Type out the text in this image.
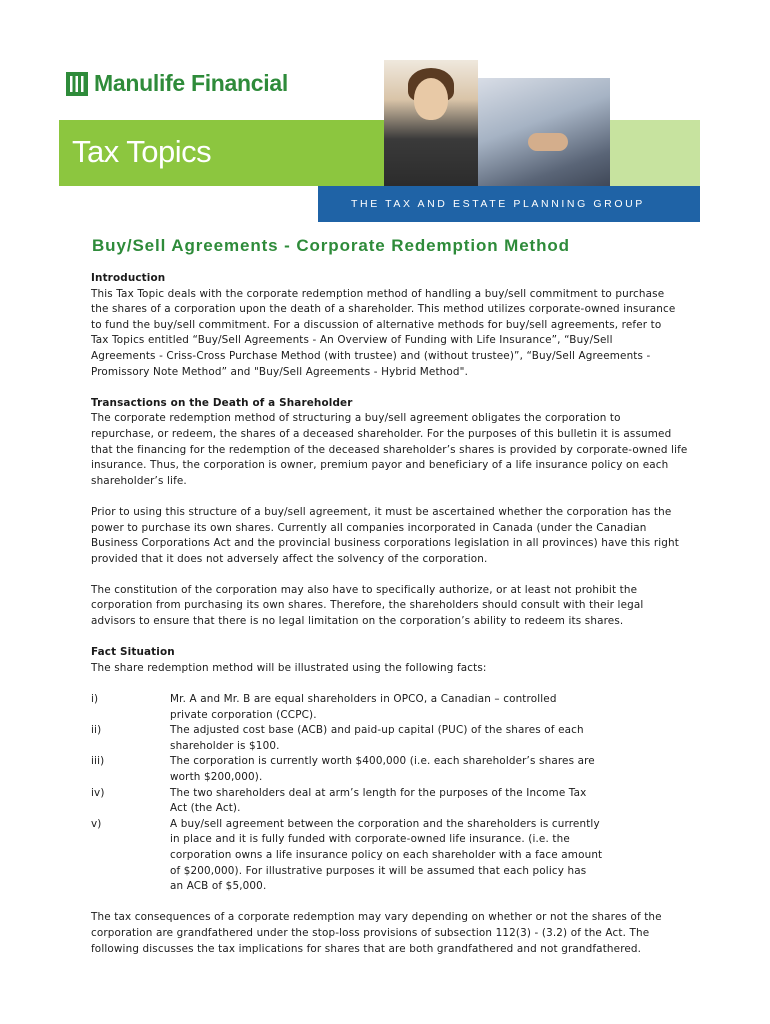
Manulife Financial
Tax Topics
THE TAX AND ESTATE PLANNING GROUP
Buy/Sell Agreements - Corporate Redemption Method
Introduction

This Tax Topic deals with the corporate redemption method of handling a buy/sell commitment to purchase
the shares of a corporation upon the death of a shareholder. This method utilizes corporate-owned insurance
to fund the buy/sell commitment. For a discussion of alternative methods for buy/sell agreements, refer to
Tax Topics entitled “Buy/Sell Agreements - An Overview of Funding with Life Insurance”, “Buy/Sell
Agreements - Criss-Cross Purchase Method (with trustee) and (without trustee)”, “Buy/Sell Agreements -
Promissory Note Method” and "Buy/Sell Agreements - Hybrid Method".

Transactions on the Death of a Shareholder

The corporate redemption method of structuring a buy/sell agreement obligates the corporation to
repurchase, or redeem, the shares of a deceased shareholder. For the purposes of this bulletin it is assumed
that the financing for the redemption of the deceased shareholder’s shares is provided by corporate-owned life
insurance. Thus, the corporation is owner, premium payor and beneficiary of a life insurance policy on each
shareholder’s life.

Prior to using this structure of a buy/sell agreement, it must be ascertained whether the corporation has the
power to purchase its own shares. Currently all companies incorporated in Canada (under the Canadian
Business Corporations Act and the provincial business corporations legislation in all provinces) have this right
provided that it does not adversely affect the solvency of the corporation.

The constitution of the corporation may also have to specifically authorize, or at least not prohibit the
corporation from purchasing its own shares. Therefore, the shareholders should consult with their legal
advisors to ensure that there is no legal limitation on the corporation’s ability to redeem its shares.

Fact Situation

The share redemption method will be illustrated using the following facts:

i)	Mr. A and Mr. B are equal shareholders in OPCO, a Canadian – controlled
private corporation (CCPC).
ii)	The adjusted cost base (ACB) and paid-up capital (PUC) of the shares of each
shareholder is $100.
iii)	The corporation is currently worth $400,000 (i.e. each shareholder’s shares are
worth $200,000).
iv)	The two shareholders deal at arm’s length for the purposes of the Income Tax
Act (the Act).
v)	A buy/sell agreement between the corporation and the shareholders is currently
in place and it is fully funded with corporate-owned life insurance. (i.e. the
corporation owns a life insurance policy on each shareholder with a face amount
of $200,000). For illustrative purposes it will be assumed that each policy has
an ACB of $5,000.

The tax consequences of a corporate redemption may vary depending on whether or not the shares of the
corporation are grandfathered under the stop-loss provisions of subsection 112(3) - (3.2) of the Act. The
following discusses the tax implications for shares that are both grandfathered and not grandfathered.
